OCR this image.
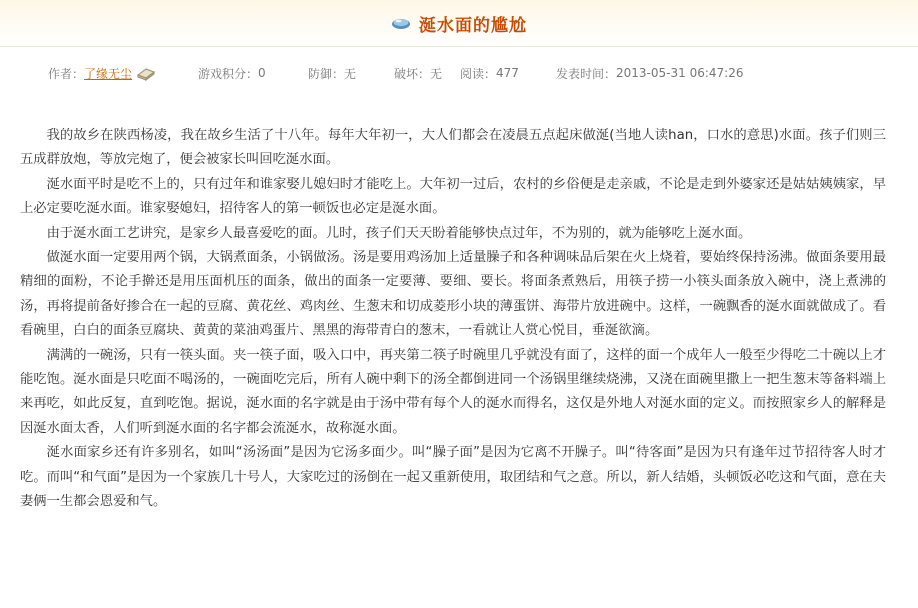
涎水面的尴尬
作者： 了缘无尘	游戏积分： 0	防御： 无	破坏： 无 阅读： 477	发表时间： 2013-05-31 06:47:26

我的故乡在陕西杨凌，我在故乡生活了十八年。每年大年初一，大人们都会在凌晨五点起床做涎(当地人读han，口水的意思)水面。孩子们则三五成群放炮，等放完炮了，便会被家长叫回吃涎水面。

涎水面平时是吃不上的，只有过年和谁家娶儿媳妇时才能吃上。大年初一过后，农村的乡俗便是走亲戚，不论是走到外婆家还是姑姑姨姨家，早上必定要吃涎水面。谁家娶媳妇，招待客人的第一顿饭也必定是涎水面。

由于涎水面工艺讲究，是家乡人最喜爱吃的面。儿时，孩子们天天盼着能够快点过年，不为别的，就为能够吃上涎水面。

做涎水面一定要用两个锅，大锅煮面条，小锅做汤。汤是要用鸡汤加上适量臊子和各种调味品后架在火上烧着，要始终保持汤沸。做面条要用最精细的面粉，不论手擀还是用压面机压的面条，做出的面条一定要薄、要细、要长。将面条煮熟后，用筷子捞一小筷头面条放入碗中，浇上煮沸的汤，再将提前备好掺合在一起的豆腐、黄花丝、鸡肉丝、生葱末和切成菱形小块的薄蛋饼、海带片放进碗中。这样，一碗飘香的涎水面就做成了。看看碗里，白白的面条豆腐块、黄黄的菜油鸡蛋片、黑黑的海带青白的葱末，一看就让人赏心悦目，垂涎欲滴。

满满的一碗汤，只有一筷头面。夹一筷子面，吸入口中，再夹第二筷子时碗里几乎就没有面了，这样的面一个成年人一般至少得吃二十碗以上才能吃饱。涎水面是只吃面不喝汤的，一碗面吃完后，所有人碗中剩下的汤全都倒进同一个汤锅里继续烧沸，又浇在面碗里撒上一把生葱末等备料端上来再吃，如此反复，直到吃饱。据说，涎水面的名字就是由于汤中带有每个人的涎水而得名，这仅是外地人对涎水面的定义。而按照家乡人的解释是因涎水面太香，人们听到涎水面的名字都会流涎水，故称涎水面。

涎水面家乡还有许多别名，如叫“汤汤面”是因为它汤多面少。叫“臊子面”是因为它离不开臊子。叫“待客面”是因为只有逢年过节招待客人时才吃。而叫“和气面”是因为一个家族几十号人，大家吃过的汤倒在一起又重新使用，取团结和气之意。所以，新人结婚，头顿饭必吃这和气面，意在夫妻俩一生都会恩爱和气。
